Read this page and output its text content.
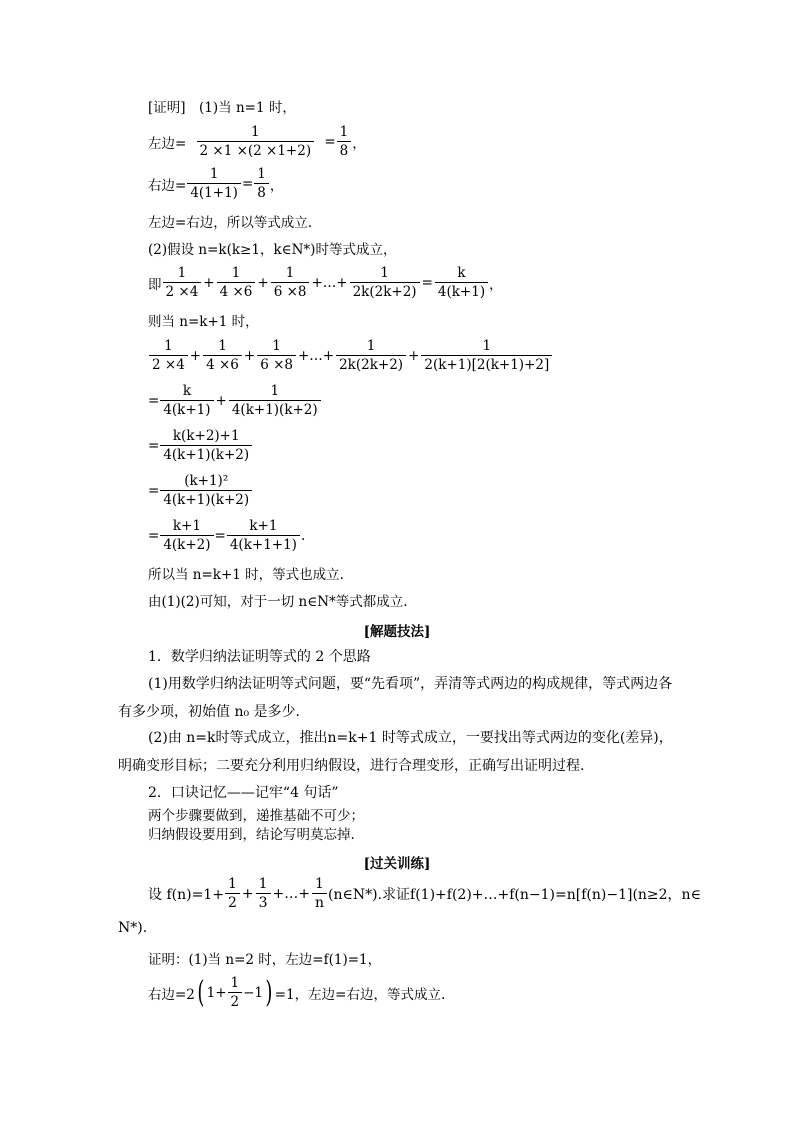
[证明]　(1)当 n=1 时，
左边= $\frac{1}{2 \times 1 \times(2 \times 1+2)} = \frac{1}{8}$ ，
右边= $\frac{1}{4(1+1)} = \frac{1}{8}$ ，
左边=右边，所以等式成立.
(2)假设 n=k(k≥1，k∈N*)时等式成立，
即 $\frac{1}{2 \times 4} + \frac{1}{4 \times 6} + \frac{1}{6 \times 8}$ +…+ $\frac{1}{2k(2k+2)} = \frac{k}{4(k+1)}$ ，
则当 n=k+1 时，
$\frac{1}{2 \times 4} + \frac{1}{4 \times 6} + \frac{1}{6 \times 8}$ +…+ $\frac{1}{2k(2k+2)} + \frac{1}{2(k+1)[2(k+1)+2]}$
= $\frac{k}{4(k+1)} + \frac{1}{4(k+1)(k+2)}$
= $\frac{k(k+2)+1}{4(k+1)(k+2)}$
= $\frac{\text{(k+1)²}}{4(k+1)(k+2)}$
= $\frac{k+1}{4(k+2)} = \frac{k+1}{4(k+1+1)}$ .
所以当 n=k+1 时，等式也成立.
由(1)(2)可知，对于一切 n∈N*等式都成立.
[解题技法]
1．数学归纳法证明等式的 2 个思路
(1)用数学归纳法证明等式问题，要“先看项”，弄清等式两边的构成规律，等式两边各有多少项，初始值 n₀ 是多少.
(2)由 n=k时等式成立，推出n=k+1 时等式成立，一要找出等式两边的变化(差异)，明确变形目标；二要充分利用归纳假设，进行合理变形，正确写出证明过程.
2．口诀记忆——记牢“4 句话”
两个步骤要做到，递推基础不可少；
归纳假设要用到，结论写明莫忘掉.
[过关训练]
设 $f(n)=1+ \frac{1}{2} + \frac{1}{3}$ +…+ $\frac{1}{n}$ (n∈N*).求证f(1)+f(2)+…+f(n−1)=n[f(n)−1](n≥2，n∈
N*).
证明：(1)当 n=2 时，左边=f(1)=1，
右边=2 ( $1+ \frac{1}{2} -1$ ) =1，左边=右边，等式成立.
